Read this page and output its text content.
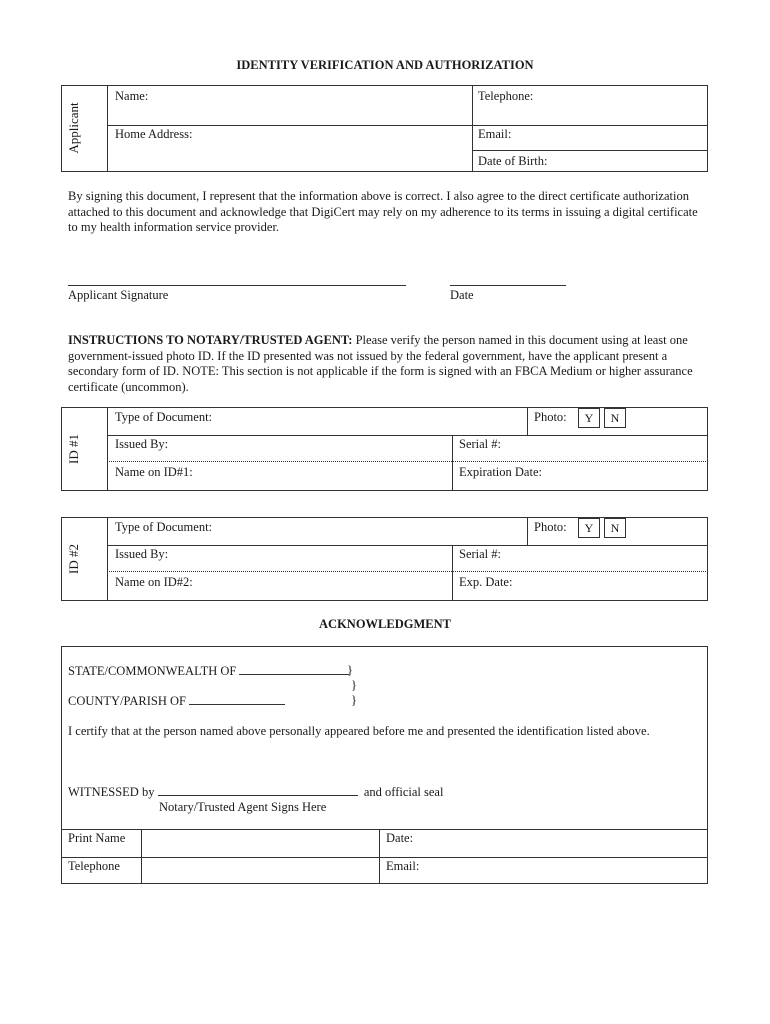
IDENTITY VERIFICATION AND AUTHORIZATION
Applicant
Name:	Telephone:
Home Address:	Email:
Date of Birth:
By signing this document, I represent that the information above is correct. I also agree to the direct certificate authorization attached to this document and acknowledge that DigiCert may rely on my adherence to its terms in issuing a digital certificate to my health information service provider.
Applicant Signature	Date
INSTRUCTIONS TO NOTARY/TRUSTED AGENT: Please verify the person named in this document using at least one government-issued photo ID. If the ID presented was not issued by the federal government, have the applicant present a secondary form of ID. NOTE: This section is not applicable if the form is signed with an FBCA Medium or higher assurance certificate (uncommon).
ID #1
Type of Document:	Photo:	Y	N
Issued By:	Serial #:
Name on ID#1:	Expiration Date:
ID #2
Type of Document:	Photo:	Y	N
Issued By:	Serial #:
Name on ID#2:	Exp. Date:
ACKNOWLEDGMENT
STATE/COMMONWEALTH OF	}
}
COUNTY/PARISH OF	}
I certify that at the person named above personally appeared before me and presented the identification listed above.
WITNESSED by	and official seal
Notary/Trusted Agent Signs Here
Print Name	Date:
Telephone	Email:
